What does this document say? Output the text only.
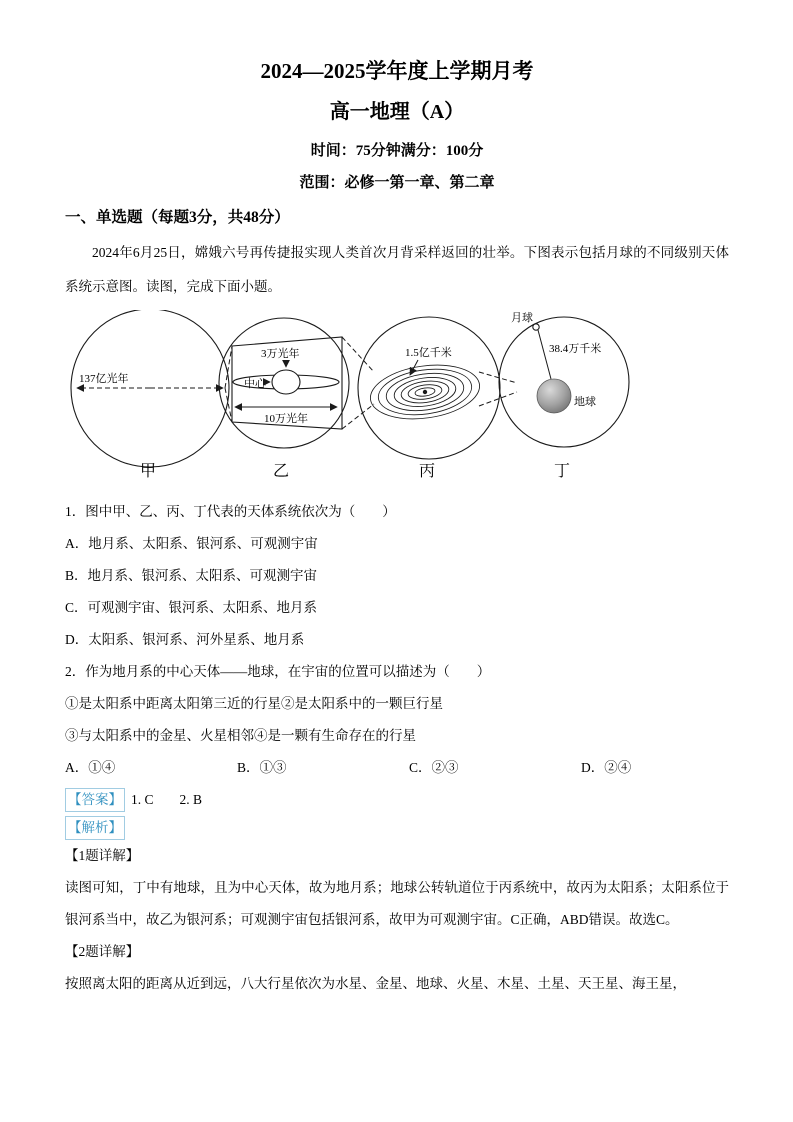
2024—2025学年度上学期月考
高一地理（A）

时间：75分钟满分：100分

范围：必修一第一章、第二章

一、单选题（每题3分，共48分）

2024年6月25日，嫦娥六号再传捷报实现人类首次月背采样返回的壮举。下图表示包括月球的不同级别天体系统示意图。读图，完成下面小题。

137亿光年
3万光年
中心
10万光年
1.5亿千米
月球
38.4万千米
地球
甲	乙	丙	丁

1．图中甲、乙、丙、丁代表的天体系统依次为（　　）

A．地月系、太阳系、银河系、可观测宇宙

B．地月系、银河系、太阳系、可观测宇宙

C．可观测宇宙、银河系、太阳系、地月系

D．太阳系、银河系、河外星系、地月系

2．作为地月系的中心天体——地球，在宇宙的位置可以描述为（　　）

①是太阳系中距离太阳第三近的行星②是太阳系中的一颗巨行星

③与太阳系中的金星、火星相邻④是一颗有生命存在的行星

A．①④	B．①③	C．②③	D．②④
【答案】 1. C 2. B
【解析】

【1题详解】

读图可知，丁中有地球，且为中心天体，故为地月系；地球公转轨道位于丙系统中，故丙为太阳系；太阳系位于银河系当中，故乙为银河系；可观测宇宙包括银河系，故甲为可观测宇宙。C正确，ABD错误。故选C。

【2题详解】

按照离太阳的距离从近到远，八大行星依次为水星、金星、地球、火星、木星、土星、天王星、海王星，
